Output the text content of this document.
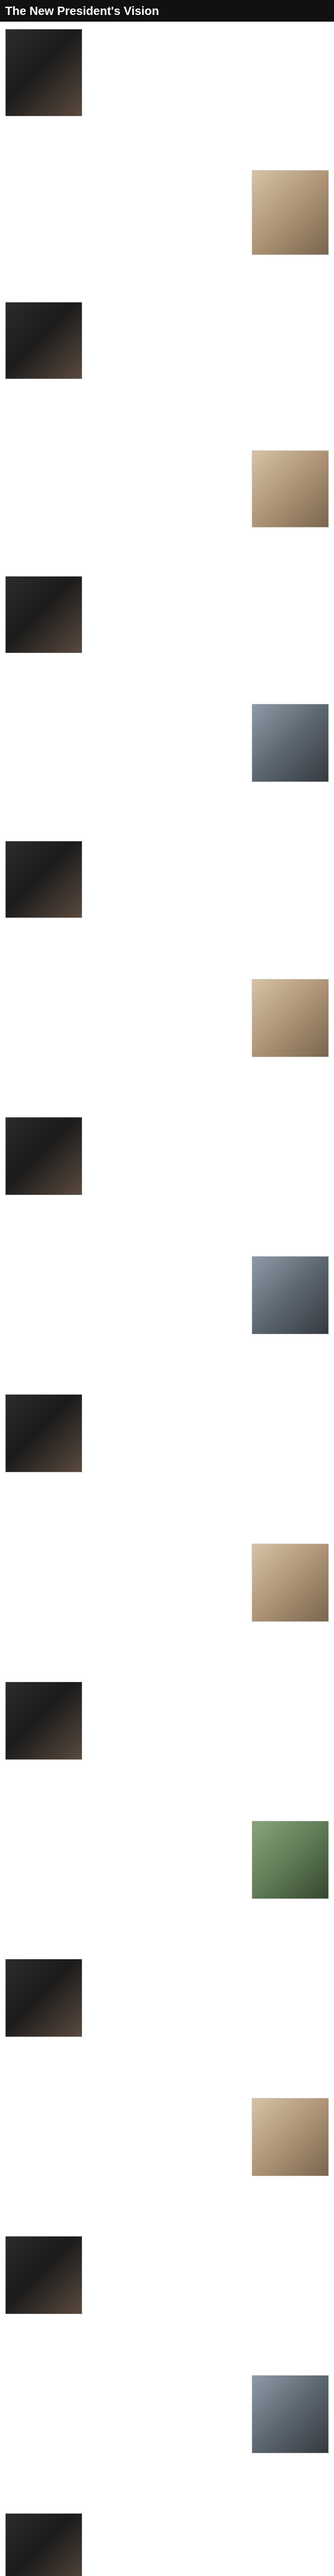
The New President's Vision
